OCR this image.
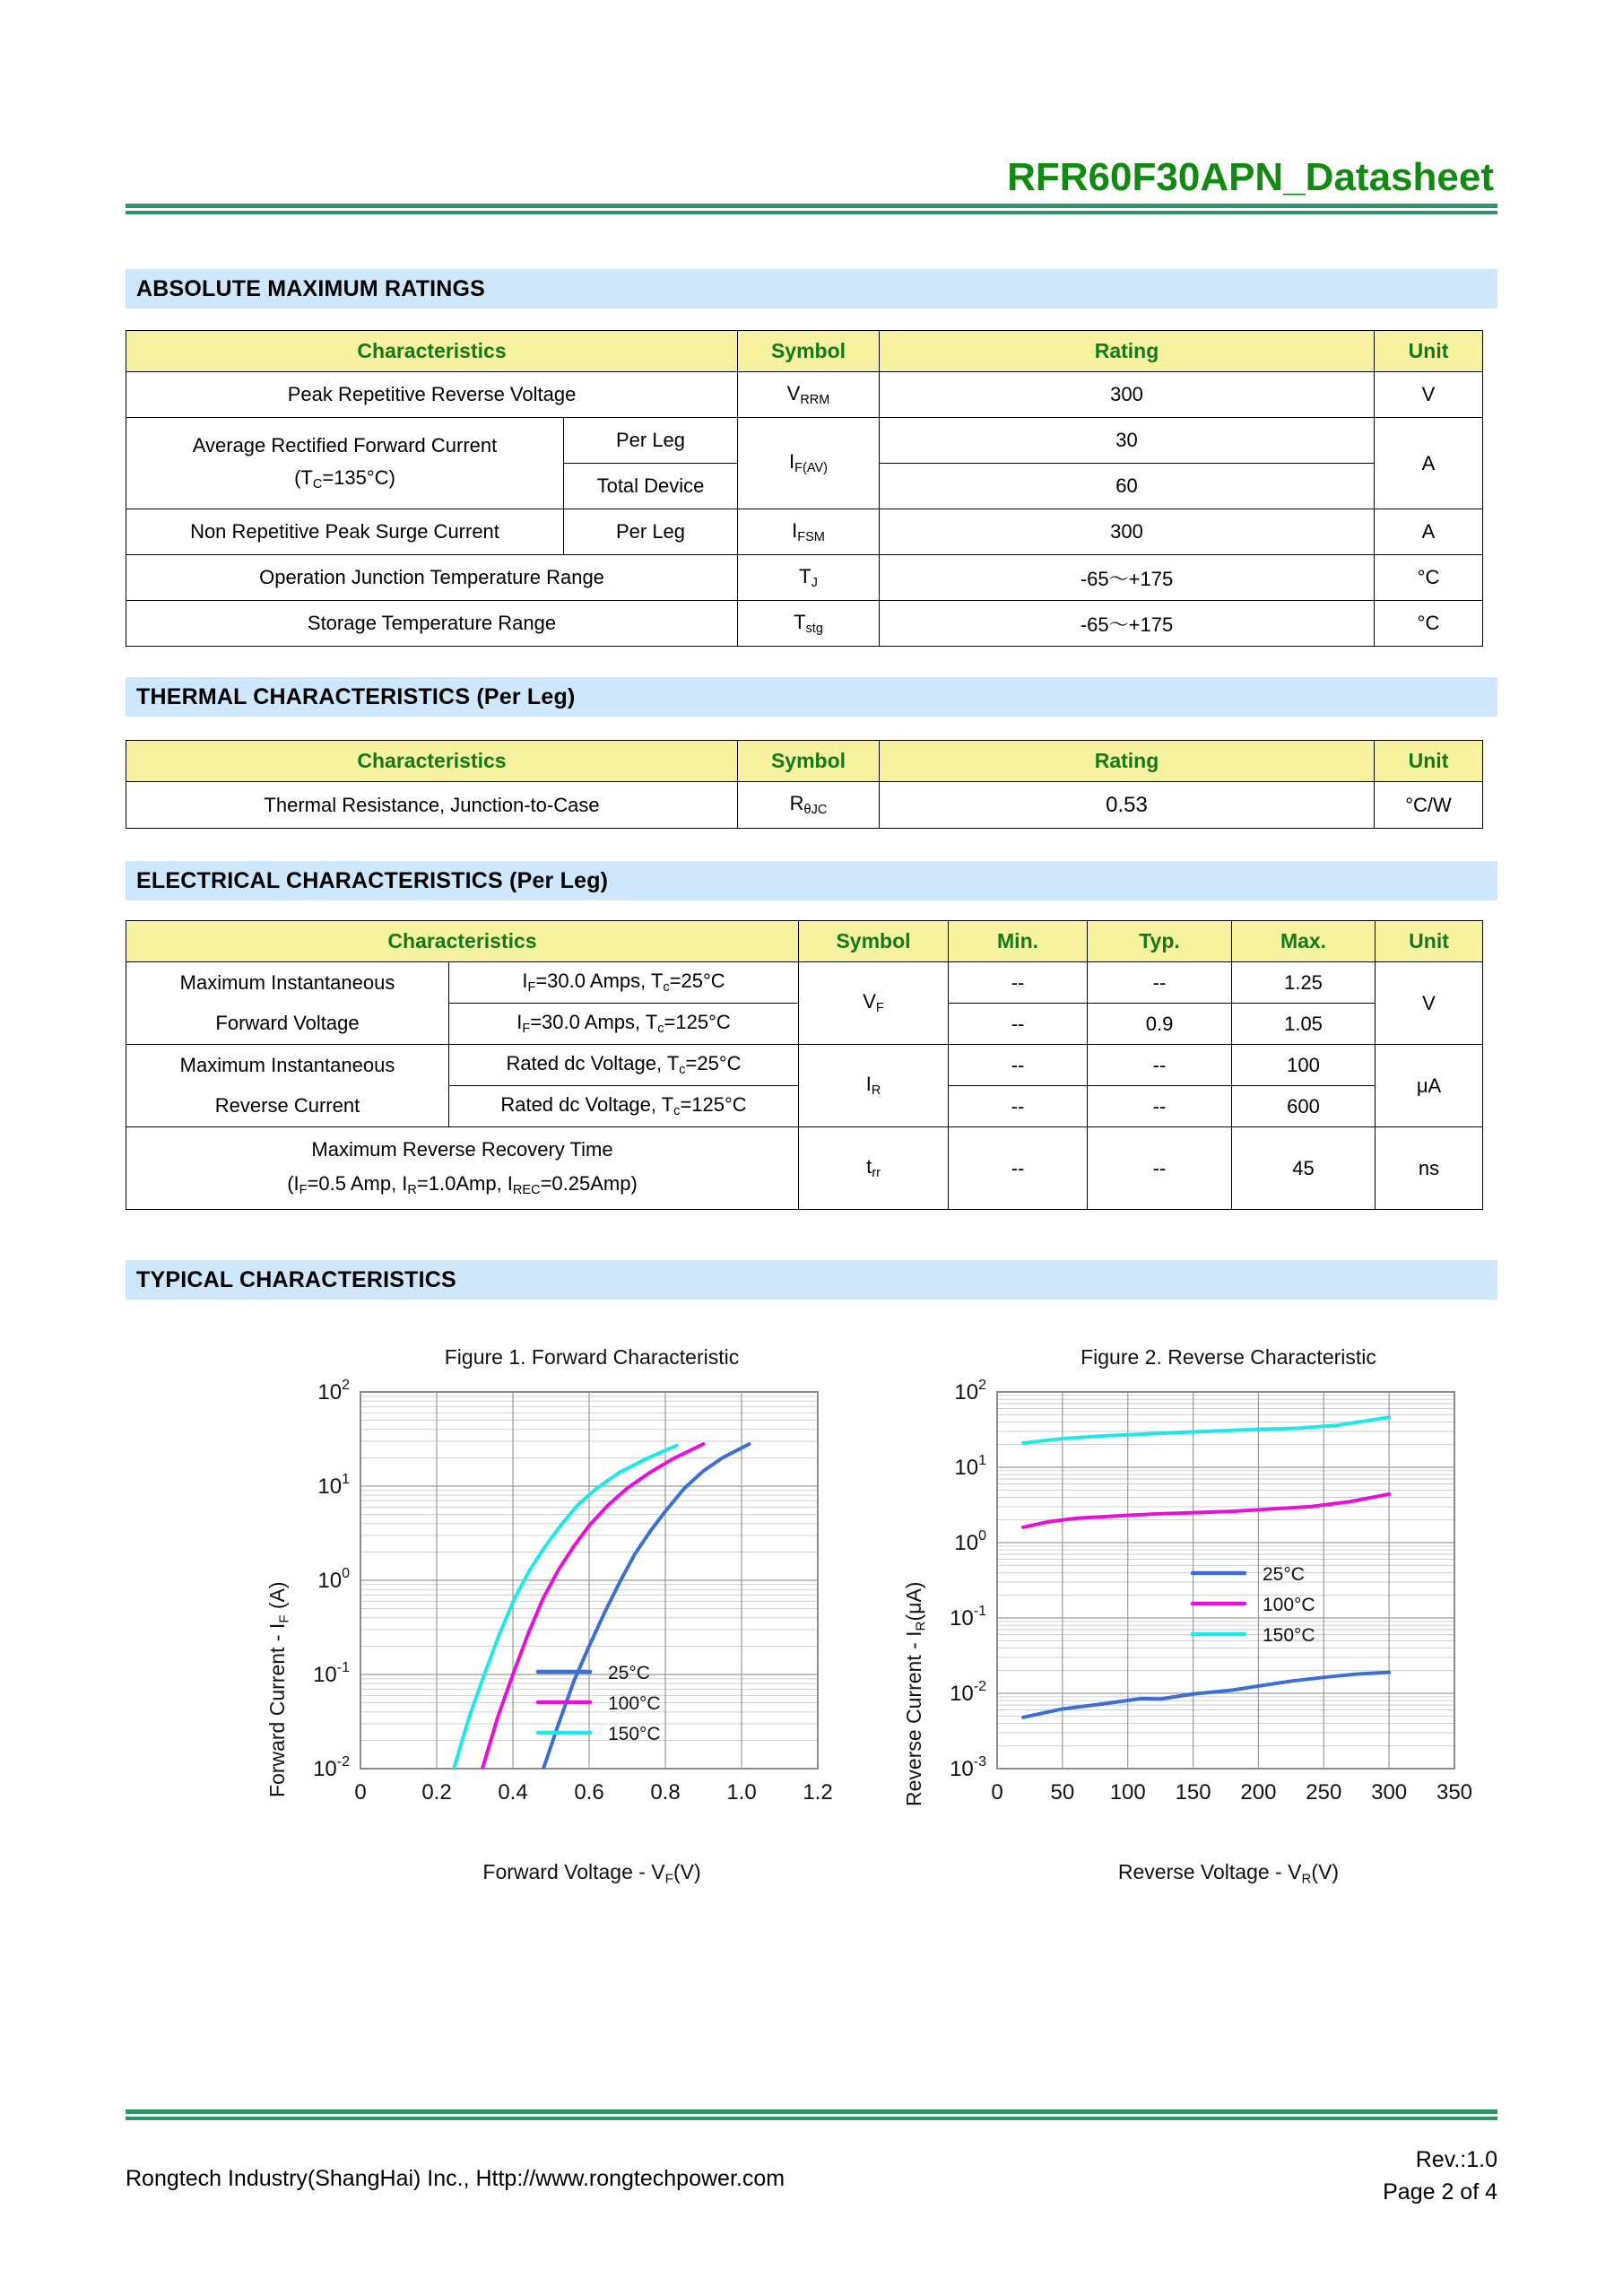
RFR60F30APN_Datasheet
ABSOLUTE MAXIMUM RATINGS
Characteristics		Symbol	Rating	Unit
Peak Repetitive Reverse Voltage		$V_{RRM}$	300	V

Average Rectified Forward Current
$(T_C=135^\circ C)$	Per Leg	$I_{F(AV)}$	30	A
	Total Device		60	
Non Repetitive Peak Surge Current	Per Leg	$I_{FSM}$	300	A
Operation Junction Temperature Range		$T_J$	-65～+175	°C
Storage Temperature Range		$T_{stg}$	-65～+175	°C
THERMAL CHARACTERISTICS (Per Leg)
Characteristics	Symbol	Rating	Unit
Thermal Resistance, Junction-to-Case	$R_{\theta JC}$	0.53	°C/W
ELECTRICAL CHARACTERISTICS (Per Leg)
Characteristics		Symbol	Min.	Typ.	Max.	Unit
Maximum Instantaneous	$I_F=30.0$ Amps, $T_c=25^\circ C$	$V_F$	--	--	1.25	V
Forward Voltage	$I_F=30.0$ Amps, $T_c=125^\circ C$		--	0.9	1.05	
Maximum Instantaneous	Rated dc Voltage, $T_c=25^\circ C$	$I_R$	--	--	100	μA
Reverse Current	Rated dc Voltage, $T_c=125^\circ C$		--	--	600	

Maximum Reverse Recovery Time
($I_F=0.5$ Amp, $I_R=1.0Amp$, $I_{REC}=0.25Amp$)		$t_{rr}$	--	--	45	ns
TYPICAL CHARACTERISTICS
Figure 1. Forward Characteristic
Forward Current - $I_F$ (A)
$10^2$
$10^1$
$10^0$
$10^{-1}$
$10^{-2}$
0	0.2 0.4 0.6 0.8 1.0 1.2
25°C
100°C
150°C
Forward Voltage - $V_F(V)$
Figure 2. Reverse Characteristic
Reverse Current - $I_R(\mu A)$
$10^2$
$10^1$
$10^0$
$10^{-1}$
$10^{-2}$
$10^{-3}$
0 50 100 150 200 250 300 350
25°C
100°C
150°C
Reverse Voltage - $V_R(V)$
Rongtech Industry(ShangHai) Inc., Http://www.rongtechpower.com
Rev.:1.0
Page 2 of 4
